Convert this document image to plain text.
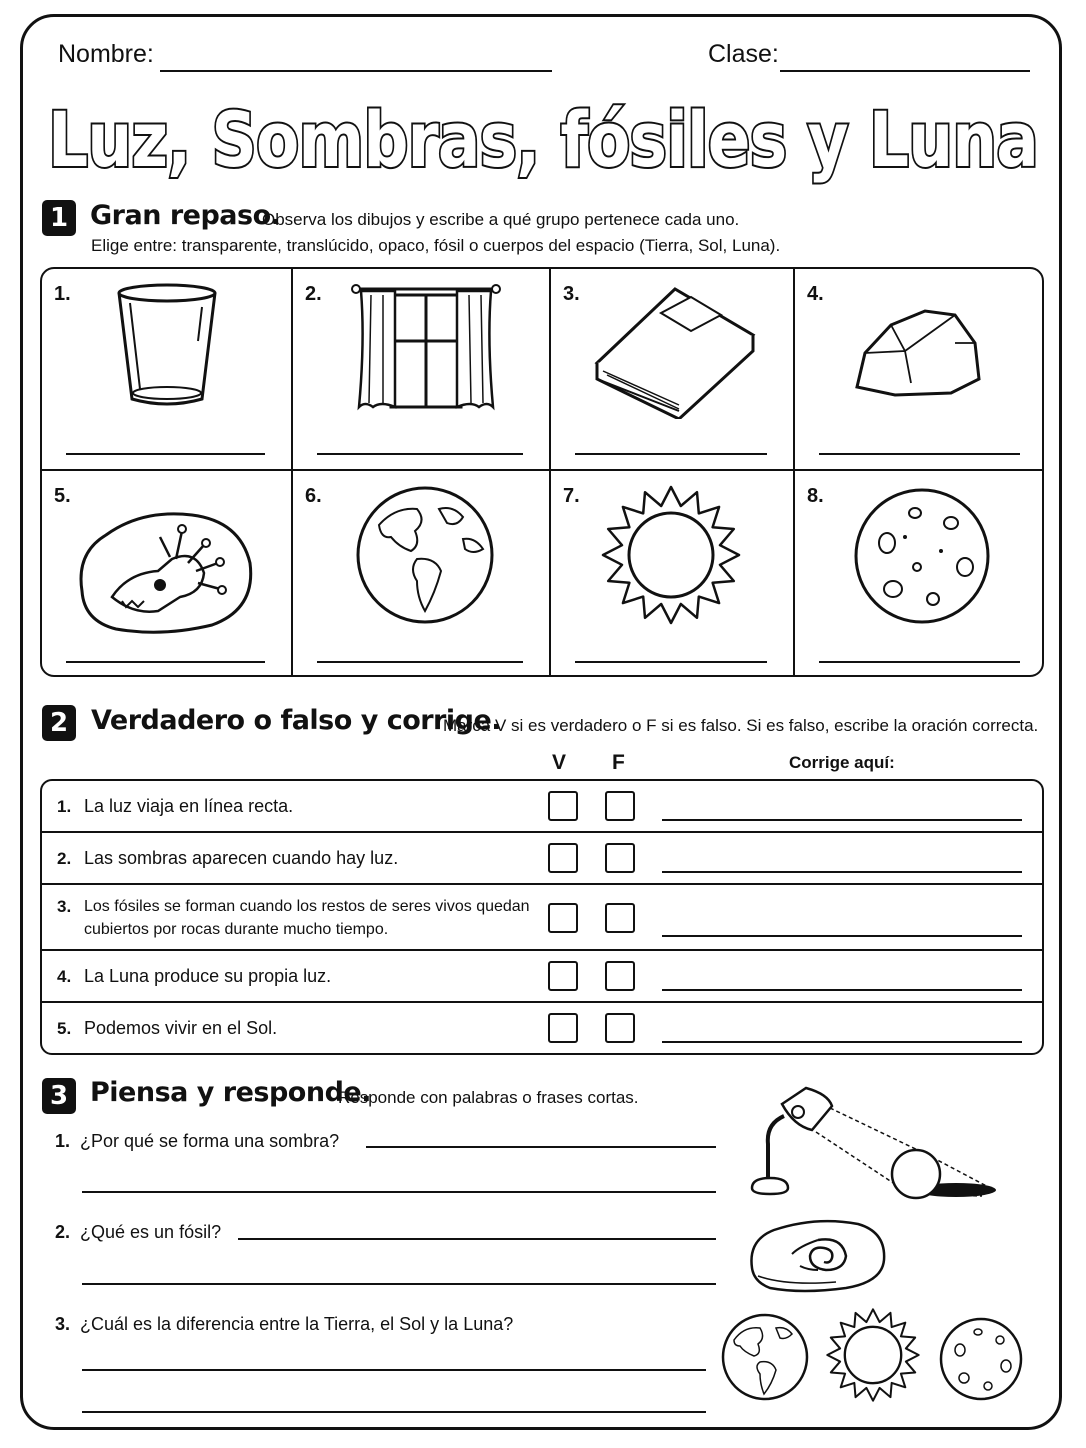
Nombre:	Clase:
Luz, Sombras, fósiles y Luna
1 Gran repaso.
Observa los dibujos y escribe a qué grupo pertenece cada uno.
Elige entre: transparente, translúcido, opaco, fósil o cuerpos del espacio (Tierra, Sol, Luna).
1.	2.	3.	4.
5.	6.	7.	8.
2 Verdadero o falso y corrige.
Marca V si es verdadero o F si es falso. Si es falso, escribe la oración correcta.
V F	Corrige aquí:
1. La luz viaja en línea recta.
2. Las sombras aparecen cuando hay luz.
3. Los fósiles se forman cuando los restos de seres vivos quedan
cubiertos por rocas durante mucho tiempo.
4. La Luna produce su propia luz.
5. Podemos vivir en el Sol.
3 Piensa y responde.
Responde con palabras o frases cortas.
1. ¿Por qué se forma una sombra?
2. ¿Qué es un fósil?
3. ¿Cuál es la diferencia entre la Tierra, el Sol y la Luna?
